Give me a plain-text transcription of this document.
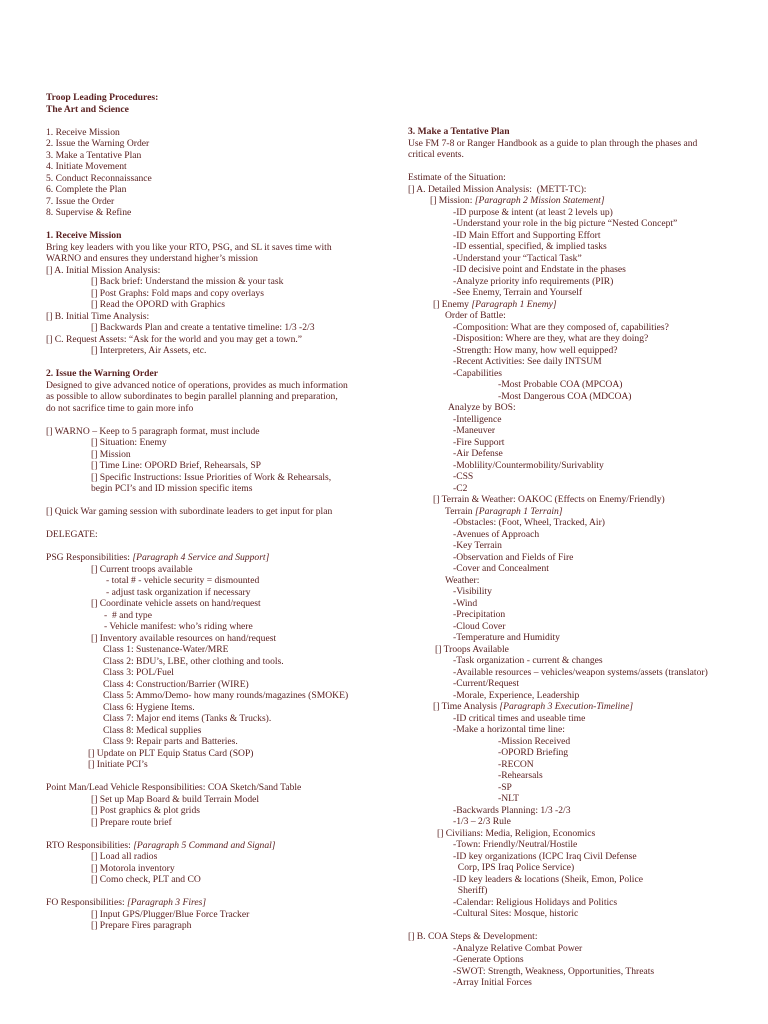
Troop Leading Procedures:
The Art and Science
1. Receive Mission
2. Issue the Warning Order
3. Make a Tentative Plan
4. Initiate Movement
5. Conduct Reconnaissance
6. Complete the Plan
7. Issue the Order
8. Supervise & Refine
1. Receive Mission
Bring key leaders with you like your RTO, PSG, and SL it saves time with
WARNO and ensures they understand higher’s mission
[] A. Initial Mission Analysis:
[] Back brief: Understand the mission & your task
[] Post Graphs: Fold maps and copy overlays
[] Read the OPORD with Graphics
[] B. Initial Time Analysis:
[] Backwards Plan and create a tentative timeline: 1/3 -2/3
[] C. Request Assets: “Ask for the world and you may get a town.”
[] Interpreters, Air Assets, etc.
2. Issue the Warning Order
Designed to give advanced notice of operations, provides as much information
as possible to allow subordinates to begin parallel planning and preparation,
do not sacrifice time to gain more info
[] WARNO – Keep to 5 paragraph format, must include
[] Situation: Enemy
[] Mission
[] Time Line: OPORD Brief, Rehearsals, SP
[] Specific Instructions: Issue Priorities of Work & Rehearsals,
begin PCI’s and ID mission specific items
[] Quick War gaming session with subordinate leaders to get input for plan
DELEGATE:
PSG Responsibilities: [Paragraph 4 Service and Support]
[] Current troops available
- total # - vehicle security = dismounted
- adjust task organization if necessary
[] Coordinate vehicle assets on hand/request
-  # and type
- Vehicle manifest: who’s riding where
[] Inventory available resources on hand/request
Class 1: Sustenance-Water/MRE
Class 2: BDU’s, LBE, other clothing and tools.
Class 3: POL/Fuel
Class 4: Construction/Barrier (WIRE)
Class 5: Ammo/Demo- how many rounds/magazines (SMOKE)
Class 6: Hygiene Items.
Class 7: Major end items (Tanks & Trucks).
Class 8: Medical supplies
Class 9: Repair parts and Batteries.
[] Update on PLT Equip Status Card (SOP)
[] Initiate PCI’s
Point Man/Lead Vehicle Responsibilities: COA Sketch/Sand Table
[] Set up Map Board & build Terrain Model
[] Post graphics & plot grids
[] Prepare route brief
RTO Responsibilities: [Paragraph 5 Command and Signal]
[] Load all radios
[] Motorola inventory
[] Como check, PLT and CO
FO Responsibilities: [Paragraph 3 Fires]
[] Input GPS/Plugger/Blue Force Tracker
[] Prepare Fires paragraph
3. Make a Tentative Plan
Use FM 7-8 or Ranger Handbook as a guide to plan through the phases and
critical events.
Estimate of the Situation:
[] A. Detailed Mission Analysis:  (METT-TC):
[] Mission: [Paragraph 2 Mission Statement]
-ID purpose & intent (at least 2 levels up)
-Understand your role in the big picture “Nested Concept”
-ID Main Effort and Supporting Effort
-ID essential, specified, & implied tasks
-Understand your “Tactical Task”
-ID decisive point and Endstate in the phases
-Analyze priority info requirements (PIR)
-See Enemy, Terrain and Yourself
[] Enemy [Paragraph 1 Enemy]
Order of Battle:
-Composition: What are they composed of, capabilities?
-Disposition: Where are they, what are they doing?
-Strength: How many, how well equipped?
-Recent Activities: See daily INTSUM
-Capabilities
-Most Probable COA (MPCOA)
-Most Dangerous COA (MDCOA)
Analyze by BOS:
-Intelligence
-Maneuver
-Fire Support
-Air Defense
-Moblility/Countermobility/Surivablity
-CSS
-C2
[] Terrain & Weather: OAKOC (Effects on Enemy/Friendly)
Terrain [Paragraph 1 Terrain]
-Obstacles: (Foot, Wheel, Tracked, Air)
-Avenues of Approach
-Key Terrain
-Observation and Fields of Fire
-Cover and Concealment
Weather:
-Visibility
-Wind
-Precipitation
-Cloud Cover
-Temperature and Humidity
[] Troops Available
-Task organization - current & changes
-Available resources – vehicles/weapon systems/assets (translator)
-Current/Request
-Morale, Experience, Leadership
[] Time Analysis [Paragraph 3 Execution-Timeline]
-ID critical times and useable time
-Make a horizontal time line:
-Mission Received
-OPORD Briefing
-RECON
-Rehearsals
-SP
-NLT
-Backwards Planning: 1/3 -2/3
-1/3 – 2/3 Rule
[] Civilians: Media, Religion, Economics
-Town: Friendly/Neutral/Hostile
-ID key organizations (ICPC Iraq Civil Defense
Corp, IPS Iraq Police Service)
-ID key leaders & locations (Sheik, Emon, Police
Sheriff)
-Calendar: Religious Holidays and Politics
-Cultural Sites: Mosque, historic
[] B. COA Steps & Development:
-Analyze Relative Combat Power
-Generate Options
-SWOT: Strength, Weakness, Opportunities, Threats
-Array Initial Forces
